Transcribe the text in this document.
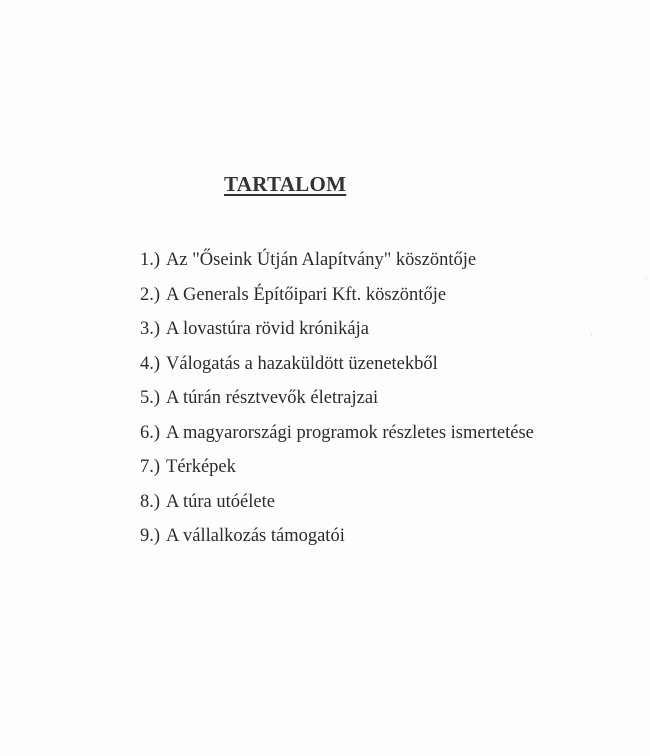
TARTALOM
1.) Az "Őseink Útján Alapítvány" köszöntője
2.) A Generals Építőipari Kft. köszöntője
3.) A lovastúra rövid krónikája
4.) Válogatás a hazaküldött üzenetekből
5.) A túrán résztvevők életrajzai
6.) A magyarországi programok részletes ismertetése
7.) Térképek
8.) A túra utóélete
9.) A vállalkozás támogatói
